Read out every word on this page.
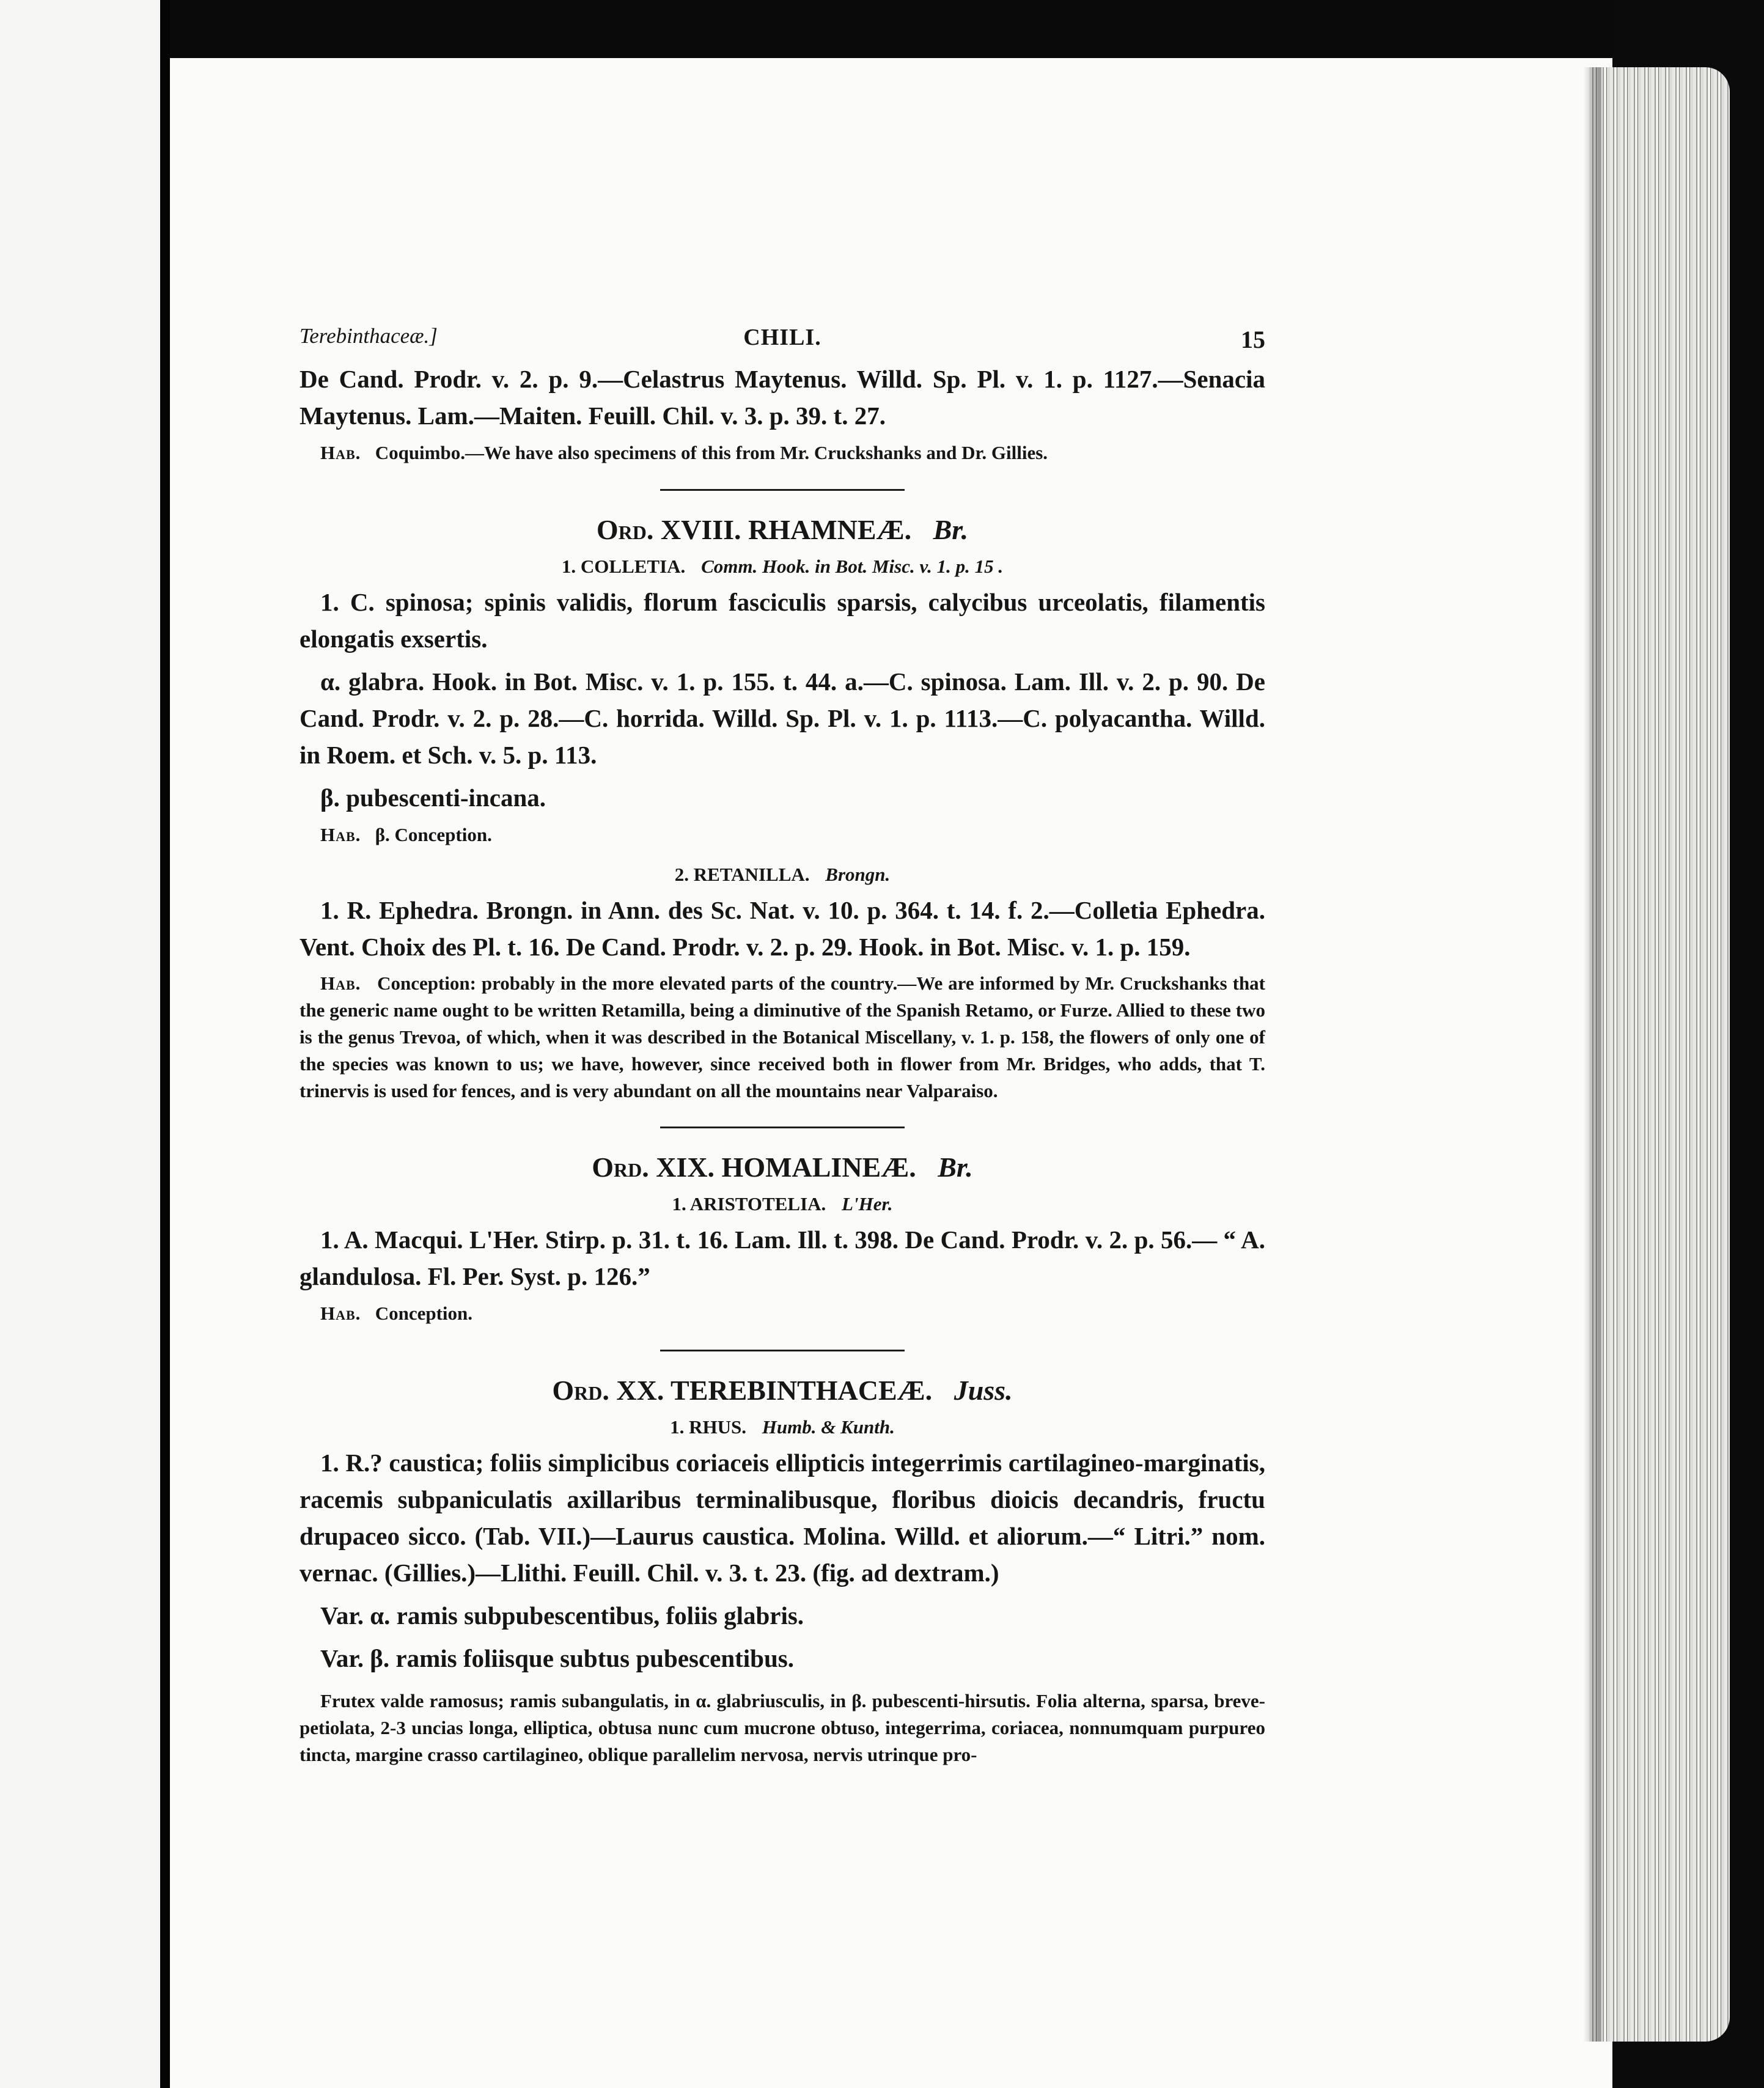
Terebinthaceæ.]	CHILI.	15

De Cand. Prodr. v. 2. p. 9.—Celastrus Maytenus. Willd. Sp. Pl. v. 1. p. 1127.—Senacia Maytenus. Lam.—Maiten. Feuill. Chil. v. 3. p. 39. t. 27.

Hab. Coquimbo.—We have also specimens of this from Mr. Cruckshanks and Dr. Gillies.

Ord. XVIII. RHAMNEÆ. Br.
1. COLLETIA. Comm. Hook. in Bot. Misc. v. 1. p. 15 .

1. C. spinosa; spinis validis, florum fasciculis sparsis, calycibus urceolatis, filamentis elongatis exsertis.

α. glabra. Hook. in Bot. Misc. v. 1. p. 155. t. 44. a.—C. spinosa. Lam. Ill. v. 2. p. 90. De Cand. Prodr. v. 2. p. 28.—C. horrida. Willd. Sp. Pl. v. 1. p. 1113.—C. polyacantha. Willd. in Roem. et Sch. v. 5. p. 113.

β. pubescenti-incana.

Hab. β. Conception.

2. RETANILLA. Brongn.

1. R. Ephedra. Brongn. in Ann. des Sc. Nat. v. 10. p. 364. t. 14. f. 2.—Colletia Ephedra. Vent. Choix des Pl. t. 16. De Cand. Prodr. v. 2. p. 29. Hook. in Bot. Misc. v. 1. p. 159.

Hab. Conception: probably in the more elevated parts of the country.—We are informed by Mr. Cruckshanks that the generic name ought to be written Retamilla, being a diminutive of the Spanish Retamo, or Furze. Allied to these two is the genus Trevoa, of which, when it was described in the Botanical Miscellany, v. 1. p. 158, the flowers of only one of the species was known to us; we have, however, since received both in flower from Mr. Bridges, who adds, that T. trinervis is used for fences, and is very abundant on all the mountains near Valparaiso.

Ord. XIX. HOMALINEÆ. Br.
1. ARISTOTELIA. L'Her.

1. A. Macqui. L'Her. Stirp. p. 31. t. 16. Lam. Ill. t. 398. De Cand. Prodr. v. 2. p. 56.— “ A. glandulosa. Fl. Per. Syst. p. 126.”

Hab. Conception.

Ord. XX. TEREBINTHACEÆ. Juss.
1. RHUS. Humb. & Kunth.

1. R.? caustica; foliis simplicibus coriaceis ellipticis integerrimis cartilagineo-marginatis, racemis subpaniculatis axillaribus terminalibusque, floribus dioicis decandris, fructu drupaceo sicco. (Tab. VII.)—Laurus caustica. Molina. Willd. et aliorum.—“ Litri.” nom. vernac. (Gillies.)—Llithi. Feuill. Chil. v. 3. t. 23. (fig. ad dextram.)

Var. α. ramis subpubescentibus, foliis glabris.

Var. β. ramis foliisque subtus pubescentibus.

Frutex valde ramosus; ramis subangulatis, in α. glabriusculis, in β. pubescenti-hirsutis. Folia alterna, sparsa, breve-petiolata, 2-3 uncias longa, elliptica, obtusa nunc cum mucrone obtuso, integerrima, coriacea, nonnumquam purpureo tincta, margine crasso cartilagineo, oblique parallelim nervosa, nervis utrinque pro-
